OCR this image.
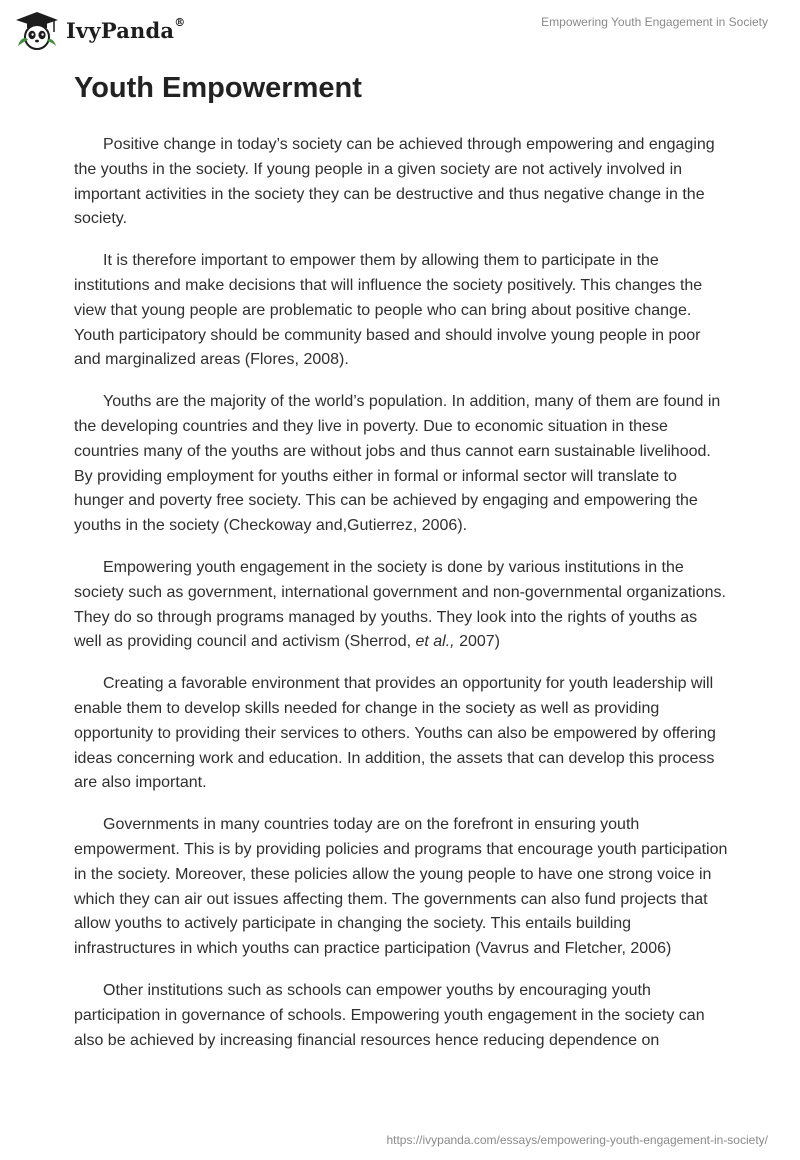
IvyPanda®	Empowering Youth Engagement in Society
Youth Empowerment

Positive change in today’s society can be achieved through empowering and engaging the youths in the society. If young people in a given society are not actively involved in important activities in the society they can be destructive and thus negative change in the society.

It is therefore important to empower them by allowing them to participate in the institutions and make decisions that will influence the society positively. This changes the view that young people are problematic to people who can bring about positive change. Youth participatory should be community based and should involve young people in poor and marginalized areas (Flores, 2008).

Youths are the majority of the world’s population. In addition, many of them are found in the developing countries and they live in poverty. Due to economic situation in these countries many of the youths are without jobs and thus cannot earn sustainable livelihood. By providing employment for youths either in formal or informal sector will translate to hunger and poverty free society. This can be achieved by engaging and empowering the youths in the society (Checkoway and,Gutierrez, 2006).

Empowering youth engagement in the society is done by various institutions in the society such as government, international government and non-governmental organizations. They do so through programs managed by youths. They look into the rights of youths as well as providing council and activism (Sherrod, et al., 2007)

Creating a favorable environment that provides an opportunity for youth leadership will enable them to develop skills needed for change in the society as well as providing opportunity to providing their services to others. Youths can also be empowered by offering ideas concerning work and education. In addition, the assets that can develop this process are also important.

Governments in many countries today are on the forefront in ensuring youth empowerment. This is by providing policies and programs that encourage youth participation in the society. Moreover, these policies allow the young people to have one strong voice in which they can air out issues affecting them. The governments can also fund projects that allow youths to actively participate in changing the society. This entails building infrastructures in which youths can practice participation (Vavrus and Fletcher, 2006)

Other institutions such as schools can empower youths by encouraging youth participation in governance of schools. Empowering youth engagement in the society can also be achieved by increasing financial resources hence reducing dependence on

https://ivypanda.com/essays/empowering-youth-engagement-in-society/
